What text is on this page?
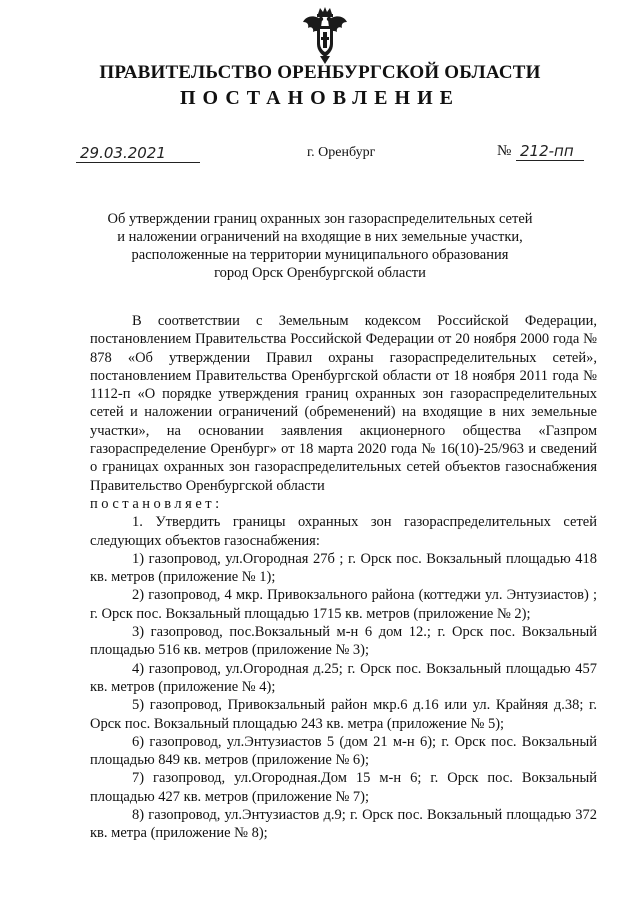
ПРАВИТЕЛЬСТВО ОРЕНБУРГСКОЙ ОБЛАСТИ
ПОСТАНОВЛЕНИЕ
29.03.2021	г. Оренбург	№ 212-пп
Об утверждении границ охранных зон газораспределительных сетей
и наложении ограничений на входящие в них земельные участки,
расположенные на территории муниципального образования
город Орск Оренбургской области

В соответствии с Земельным кодексом Российской Федерации, постановлением Правительства Российской Федерации от 20 ноября 2000 года № 878 «Об утверждении Правил охраны газораспределительных сетей», постановлением Правительства Оренбургской области от 18 ноября 2011 года № 1112-п «О порядке утверждения границ охранных зон газораспределительных сетей и наложении ограничений (обременений) на входящие в них земельные участки», на основании заявления акционерного общества «Газпром газораспределение Оренбург» от 18 марта 2020 года № 16(10)-25/963 и сведений о границах охранных зон газораспределительных сетей объектов газоснабжения Правительство Оренбургской области

постановляет:

1. Утвердить границы охранных зон газораспределительных сетей следующих объектов газоснабжения:

1) газопровод, ул.Огородная 27б ; г. Орск пос. Вокзальный площадью 418 кв. метров (приложение № 1);

2) газопровод, 4 мкр. Привокзального района (коттеджи ул. Энтузиастов) ; г. Орск пос. Вокзальный площадью 1715 кв. метров (приложение № 2);

3) газопровод, пос.Вокзальный м-н 6 дом 12.; г. Орск пос. Вокзальный площадью 516 кв. метров (приложение № 3);

4) газопровод, ул.Огородная д.25; г. Орск пос. Вокзальный площадью 457 кв. метров (приложение № 4);

5) газопровод, Привокзальный район мкр.6 д.16 или ул. Крайняя д.38; г. Орск пос. Вокзальный площадью 243 кв. метра (приложение № 5);

6) газопровод, ул.Энтузиастов 5 (дом 21 м-н 6); г. Орск пос. Вокзальный площадью 849 кв. метров (приложение № 6);

7) газопровод, ул.Огородная.Дом 15 м-н 6; г. Орск пос. Вокзальный площадью 427 кв. метров (приложение № 7);

8) газопровод, ул.Энтузиастов д.9; г. Орск пос. Вокзальный площадью 372 кв. метра (приложение № 8);
